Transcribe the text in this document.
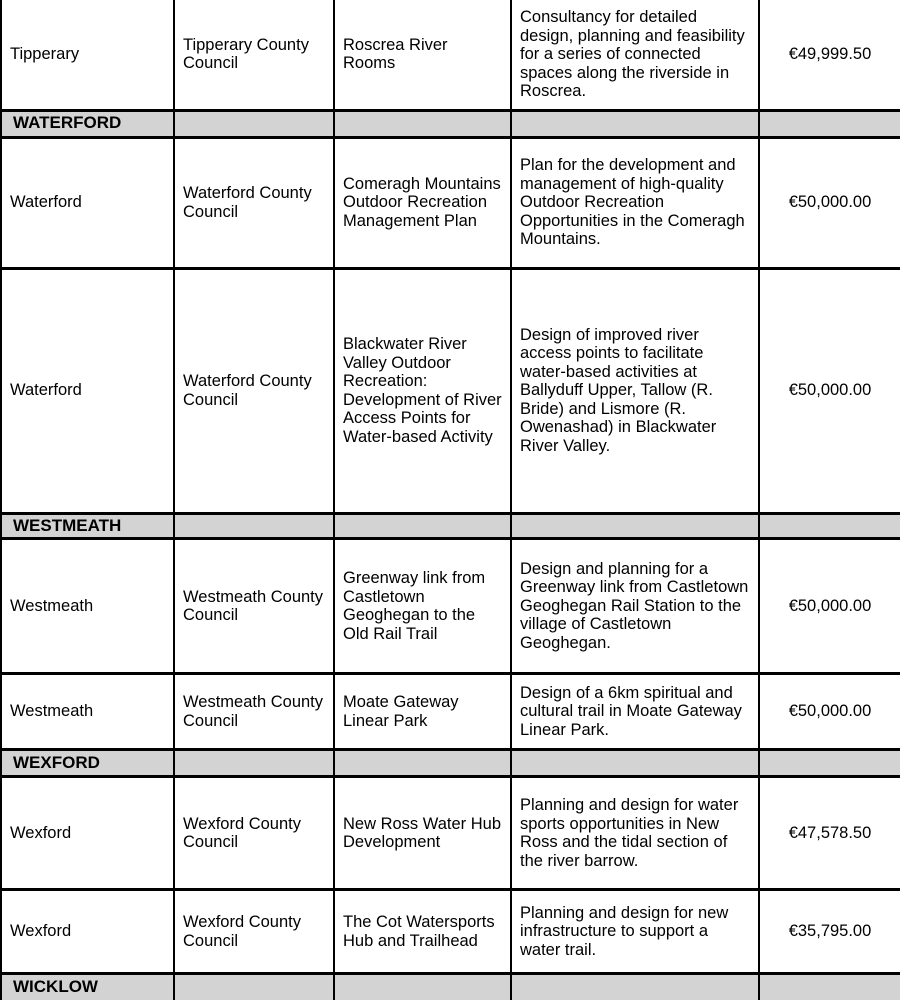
Tipperary	Tipperary County Council	Roscrea River Rooms	Consultancy for detailed design, planning and feasibility for a series of connected spaces along the riverside in Roscrea.	€49,999.50
WATERFORD				
Waterford	Waterford County Council	Comeragh Mountains Outdoor Recreation Management Plan	Plan for the development and management of high-quality Outdoor Recreation Opportunities in the Comeragh Mountains.	€50,000.00
Waterford	Waterford County Council	Blackwater River Valley Outdoor Recreation: Development of River Access Points for Water-based Activity	Design of improved river access points to facilitate water-based activities at Ballyduff Upper, Tallow (R. Bride) and Lismore (R. Owenashad) in Blackwater River Valley.	€50,000.00
WESTMEATH				
Westmeath	Westmeath County Council	Greenway link from Castletown Geoghegan to the Old Rail Trail	Design and planning for a Greenway link from Castletown Geoghegan Rail Station to the village of Castletown Geoghegan.	€50,000.00
Westmeath	Westmeath County Council	Moate Gateway Linear Park	Design of a 6km spiritual and cultural trail in Moate Gateway Linear Park.	€50,000.00
WEXFORD				
Wexford	Wexford County Council	New Ross Water Hub Development	Planning and design for water sports opportunities in New Ross and the tidal section of the river barrow.	€47,578.50
Wexford	Wexford County Council	The Cot Watersports Hub and Trailhead	Planning and design for new infrastructure to support a water trail.	€35,795.00
WICKLOW				
